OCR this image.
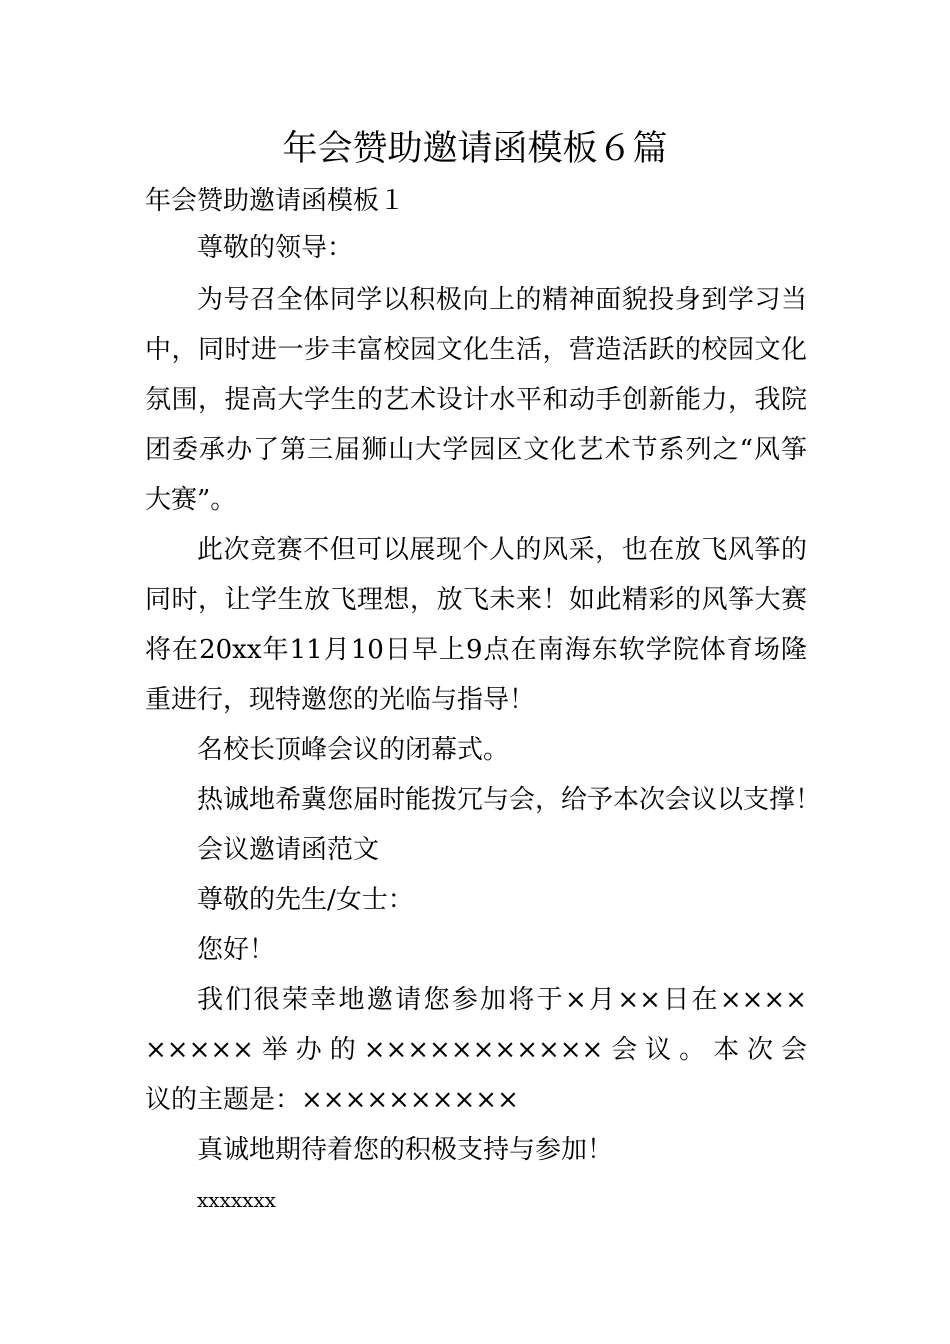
年会赞助邀请函模板６篇
年会赞助邀请函模板１
尊敬的领导：
为号召全体同学以积极向上的精神面貌投身到学习当
中，同时进一步丰富校园文化生活，营造活跃的校园文化
氛围，提高大学生的艺术设计水平和动手创新能力，我院
团委承办了第三届狮山大学园区文化艺术节系列之“风筝
大赛”。
此次竞赛不但可以展现个人的风采，也在放飞风筝的
同时，让学生放飞理想，放飞未来！如此精彩的风筝大赛
将在20xx年11月10日早上9点在南海东软学院体育场隆
重进行，现特邀您的光临与指导！
名校长顶峰会议的闭幕式。
热诚地希冀您届时能拨冗与会，给予本次会议以支撑！
会议邀请函范文
尊敬的先生/女士：
您好！
我们很荣幸地邀请您参加将于×月××日在××××
×××××举办的×××××××××××会议。本次会
议的主题是：××××××××××
真诚地期待着您的积极支持与参加！
xxxxxxx
